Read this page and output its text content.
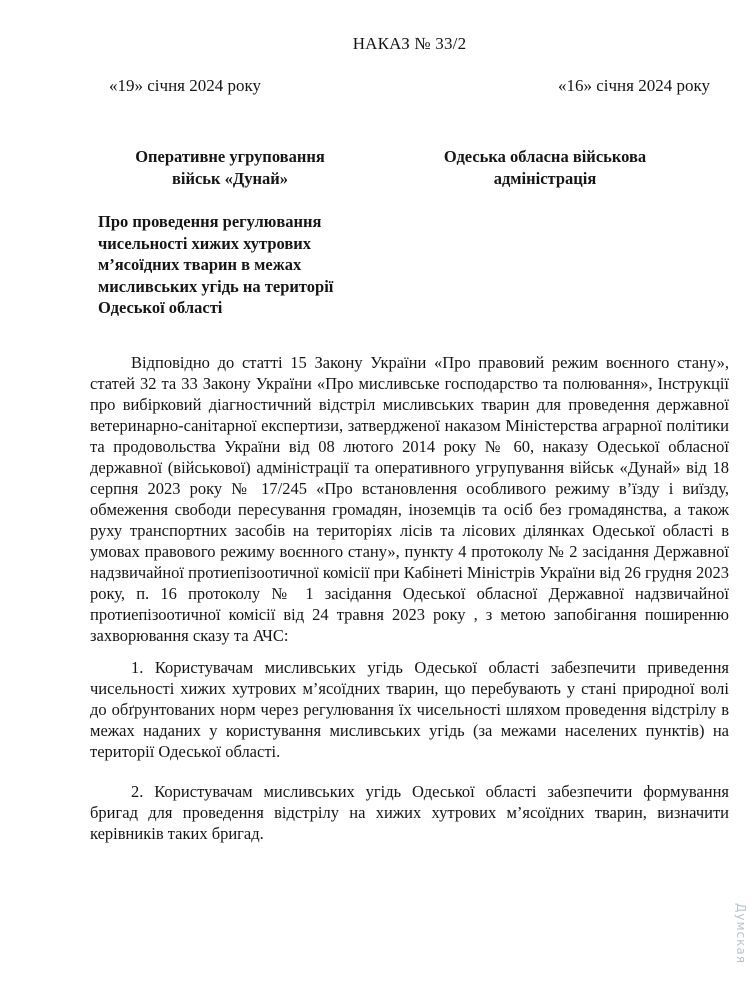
НАКАЗ № 33/2
«19» січня 2024 року	«16» січня 2024 року
Оперативне угруповання
військ «Дунай»
Одеська обласна військова
адміністрація
Про проведення регулювання
чисельності хижих хутрових
м’ясоїдних тварин в межах
мисливських угідь на території
Одеської області

Відповідно до статті 15 Закону України «Про правовий режим воєнного стану», статей 32 та 33 Закону України «Про мисливське господарство та полювання», Інструкції про вибірковий діагностичний відстріл мисливських тварин для проведення державної ветеринарно-санітарної експертизи, затвердженої наказом Міністерства аграрної політики та продовольства України від 08 лютого 2014 року № 60, наказу Одеської обласної державної (військової) адміністрації та оперативного угрупування військ «Дунай» від 18 серпня 2023 року № 17/245 «Про встановлення особливого режиму в’їзду і виїзду, обмеження свободи пересування громадян, іноземців та осіб без громадянства, а також руху транспортних засобів на територіях лісів та лісових ділянках Одеської області в умовах правового режиму воєнного стану», пункту 4 протоколу № 2 засідання Державної надзвичайної протиепізоотичної комісії при Кабінеті Міністрів України від 26 грудня 2023 року, п. 16 протоколу № 1 засідання Одеської обласної Державної надзвичайної протиепізоотичної комісії від 24 травня 2023 року , з метою запобігання поширенню захворювання сказу та АЧС:

1. Користувачам мисливських угідь Одеської області забезпечити приведення чисельності хижих хутрових м’ясоїдних тварин, що перебувають у стані природної волі до обґрунтованих норм через регулювання їх чисельності шляхом проведення відстрілу в межах наданих у користування мисливських угідь (за межами населених пунктів) на території Одеської області.

2. Користувачам мисливських угідь Одеської області забезпечити формування бригад для проведення відстрілу на хижих хутрових м’ясоїдних тварин, визначити керівників таких бригад.

Думская
